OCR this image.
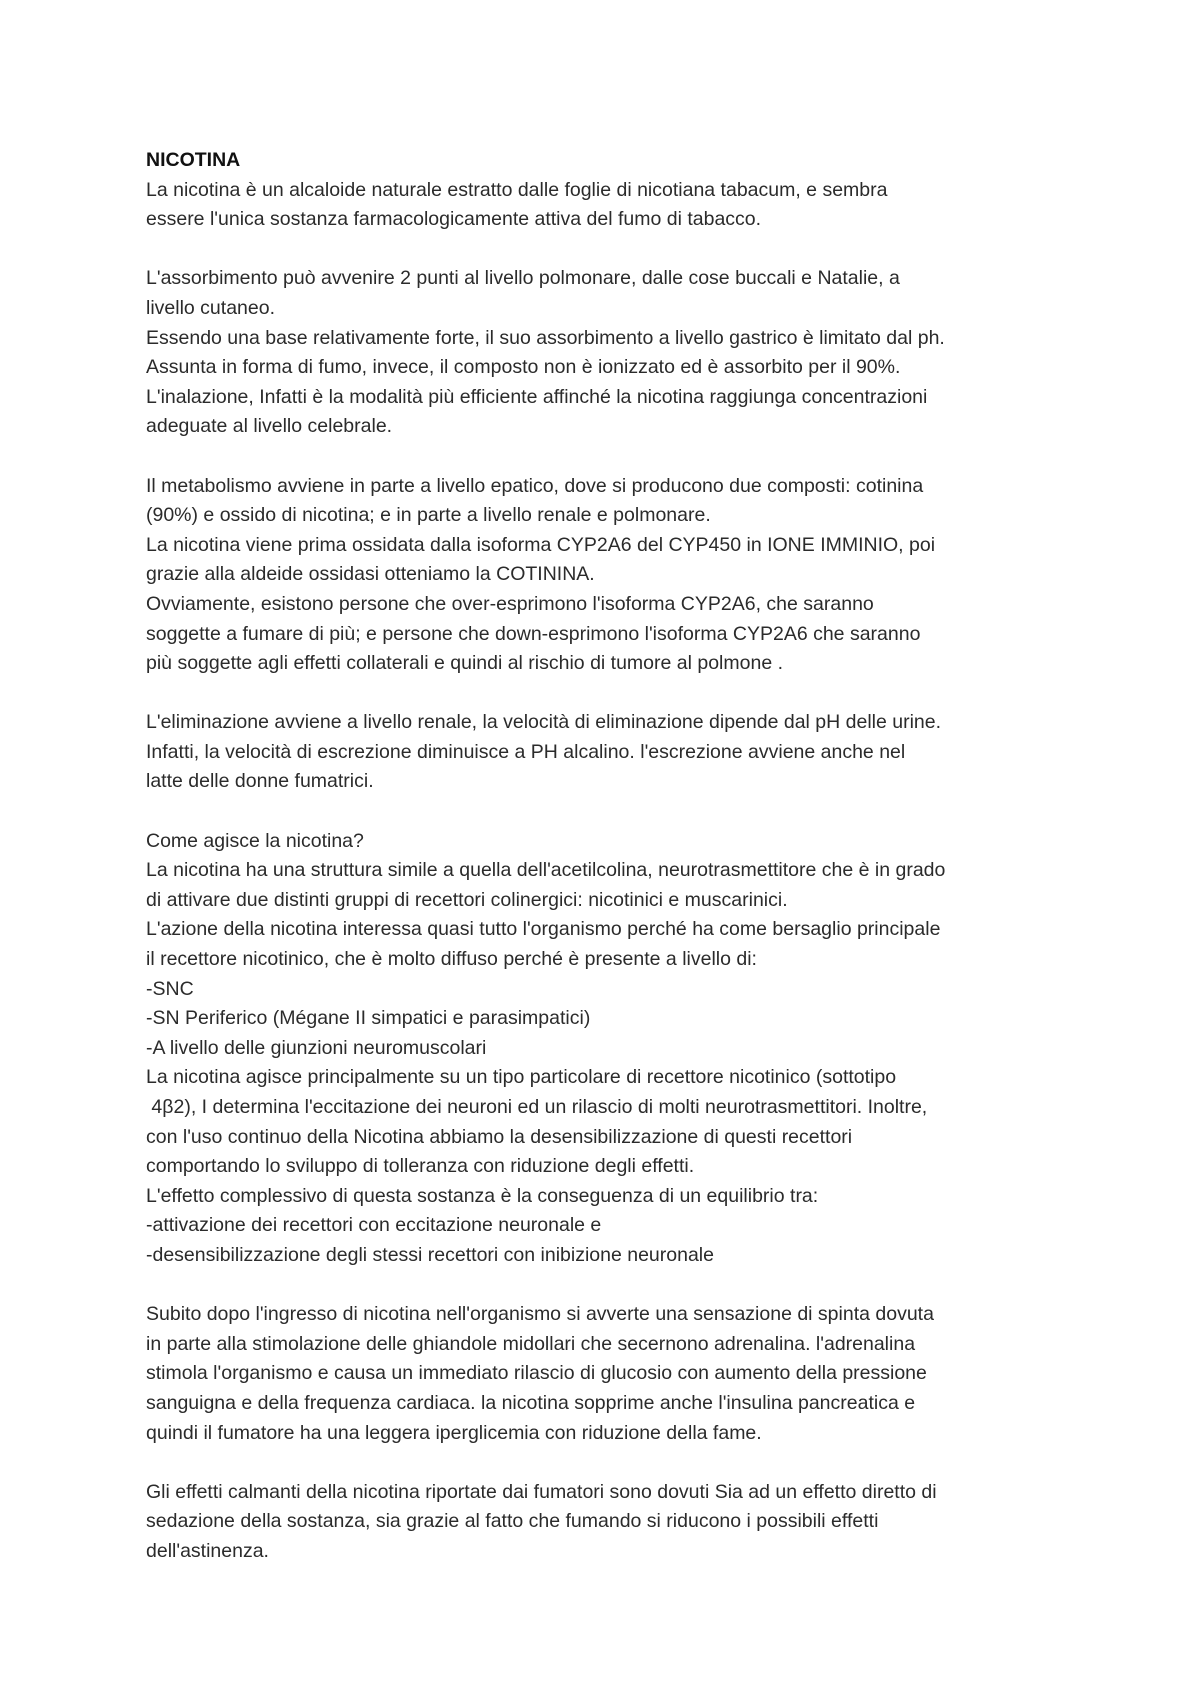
NICOTINA
La nicotina è un alcaloide naturale estratto dalle foglie di nicotiana tabacum, e sembra
essere l'unica sostanza farmacologicamente attiva del fumo di tabacco.
L'assorbimento può avvenire 2 punti al livello polmonare, dalle cose buccali e Natalie, a
livello cutaneo.
Essendo una base relativamente forte, il suo assorbimento a livello gastrico è limitato dal ph.
Assunta in forma di fumo, invece, il composto non è ionizzato ed è assorbito per il 90%.
L'inalazione, Infatti è la modalità più efficiente affinché la nicotina raggiunga concentrazioni
adeguate al livello celebrale.
Il metabolismo avviene in parte a livello epatico, dove si producono due composti: cotinina
(90%) e ossido di nicotina; e in parte a livello renale e polmonare.
La nicotina viene prima ossidata dalla isoforma CYP2A6 del CYP450 in IONE IMMINIO, poi
grazie alla aldeide ossidasi otteniamo la COTININA.
Ovviamente, esistono persone che over-esprimono l'isoforma CYP2A6, che saranno
soggette a fumare di più; e persone che down-esprimono l'isoforma CYP2A6 che saranno
più soggette agli effetti collaterali e quindi al rischio di tumore al polmone .
L'eliminazione avviene a livello renale, la velocità di eliminazione dipende dal pH delle urine.
Infatti, la velocità di escrezione diminuisce a PH alcalino. l'escrezione avviene anche nel
latte delle donne fumatrici.
Come agisce la nicotina?
La nicotina ha una struttura simile a quella dell'acetilcolina, neurotrasmettitore che è in grado
di attivare due distinti gruppi di recettori colinergici: nicotinici e muscarinici.
L'azione della nicotina interessa quasi tutto l'organismo perché ha come bersaglio principale
il recettore nicotinico, che è molto diffuso perché è presente a livello di:
-SNC
-SN Periferico (Mégane II simpatici e parasimpatici)
-A livello delle giunzioni neuromuscolari
La nicotina agisce principalmente su un tipo particolare di recettore nicotinico (sottotipo
4β2), I determina l'eccitazione dei neuroni ed un rilascio di molti neurotrasmettitori. Inoltre,
con l'uso continuo della Nicotina abbiamo la desensibilizzazione di questi recettori
comportando lo sviluppo di tolleranza con riduzione degli effetti.
L'effetto complessivo di questa sostanza è la conseguenza di un equilibrio tra:
-attivazione dei recettori con eccitazione neuronale e
-desensibilizzazione degli stessi recettori con inibizione neuronale
Subito dopo l'ingresso di nicotina nell'organismo si avverte una sensazione di spinta dovuta
in parte alla stimolazione delle ghiandole midollari che secernono adrenalina. l'adrenalina
stimola l'organismo e causa un immediato rilascio di glucosio con aumento della pressione
sanguigna e della frequenza cardiaca. la nicotina sopprime anche l'insulina pancreatica e
quindi il fumatore ha una leggera iperglicemia con riduzione della fame.
Gli effetti calmanti della nicotina riportate dai fumatori sono dovuti Sia ad un effetto diretto di
sedazione della sostanza, sia grazie al fatto che fumando si riducono i possibili effetti
dell'astinenza.
